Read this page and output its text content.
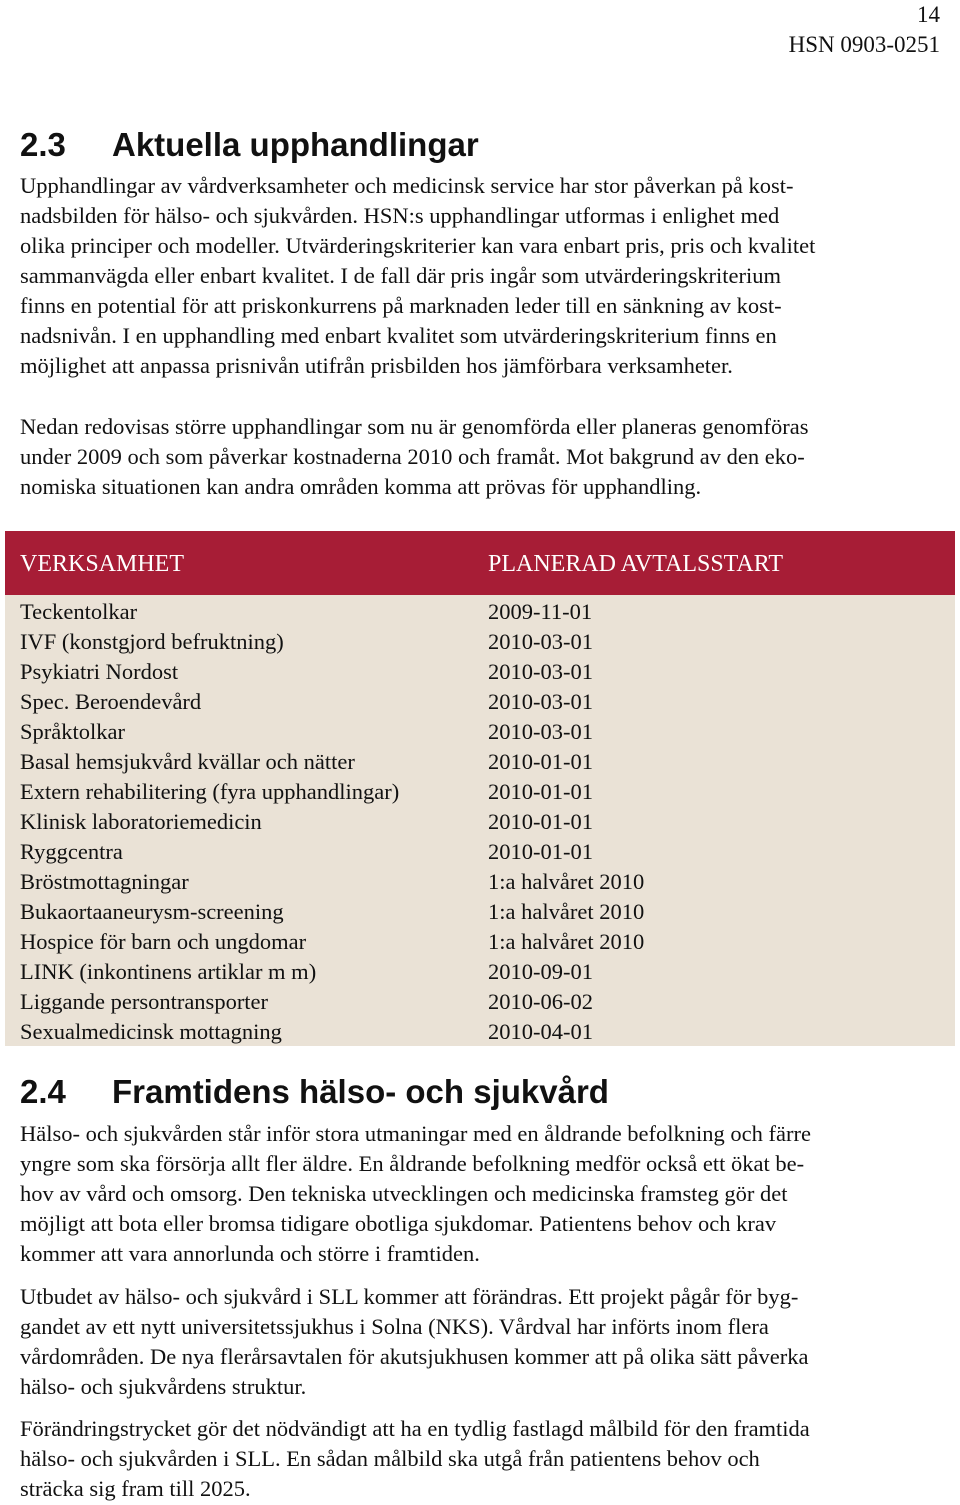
14
HSN 0903-0251
2.3 Aktuella upphandlingar
Upphandlingar av vårdverksamheter och medicinsk service har stor påverkan på kost-
nadsbilden för hälso- och sjukvården. HSN:s upphandlingar utformas i enlighet med
olika principer och modeller. Utvärderingskriterier kan vara enbart pris, pris och kvalitet
sammanvägda eller enbart kvalitet. I de fall där pris ingår som utvärderingskriterium
finns en potential för att priskonkurrens på marknaden leder till en sänkning av kost-
nadsnivån. I en upphandling med enbart kvalitet som utvärderingskriterium finns en
möjlighet att anpassa prisnivån utifrån prisbilden hos jämförbara verksamheter.
Nedan redovisas större upphandlingar som nu är genomförda eller planeras genomföras
under 2009 och som påverkar kostnaderna 2010 och framåt. Mot bakgrund av den eko-
nomiska situationen kan andra områden komma att prövas för upphandling.
VERKSAMHET	PLANERAD AVTALSSTART
Teckentolkar	2009-11-01
IVF (konstgjord befruktning)	2010-03-01
Psykiatri Nordost	2010-03-01
Spec. Beroendevård	2010-03-01
Språktolkar	2010-03-01
Basal hemsjukvård kvällar och nätter	2010-01-01
Extern rehabilitering (fyra upphandlingar)	2010-01-01
Klinisk laboratoriemedicin	2010-01-01
Ryggcentra	2010-01-01
Bröstmottagningar	1:a halvåret 2010
Bukaortaaneurysm-screening	1:a halvåret 2010
Hospice för barn och ungdomar	1:a halvåret 2010
LINK (inkontinens artiklar m m)	2010-09-01
Liggande persontransporter	2010-06-02
Sexualmedicinsk mottagning	2010-04-01
2.4 Framtidens hälso- och sjukvård
Hälso- och sjukvården står inför stora utmaningar med en åldrande befolkning och färre
yngre som ska försörja allt fler äldre. En åldrande befolkning medför också ett ökat be-
hov av vård och omsorg. Den tekniska utvecklingen och medicinska framsteg gör det
möjligt att bota eller bromsa tidigare obotliga sjukdomar. Patientens behov och krav
kommer att vara annorlunda och större i framtiden.
Utbudet av hälso- och sjukvård i SLL kommer att förändras. Ett projekt pågår för byg-
gandet av ett nytt universitetssjukhus i Solna (NKS). Vårdval har införts inom flera
vårdområden. De nya flerårsavtalen för akutsjukhusen kommer att på olika sätt påverka
hälso- och sjukvårdens struktur.
Förändringstrycket gör det nödvändigt att ha en tydlig fastlagd målbild för den framtida
hälso- och sjukvården i SLL. En sådan målbild ska utgå från patientens behov och
sträcka sig fram till 2025.
